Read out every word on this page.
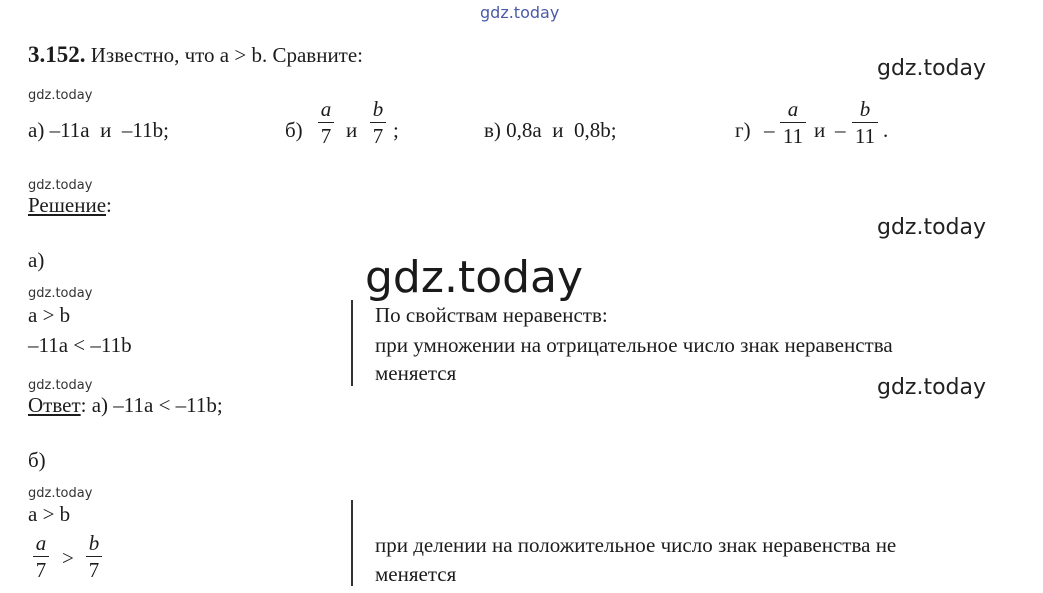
gdz.today
3.152. Известно, что a > b. Сравните:
gdz.today
gdz.today
а) –11a  и  –11b;	б)
a
7 и
b
7 ;	в) 0,8a  и  0,8b;	г) –
a
11 и –
b
11 .
gdz.today
Решение:
gdz.today
а)	gdz.today
gdz.today
a > b
–11a < –11b
По свойствам неравенств:
при умножении на отрицательное число знак неравенства
меняется
gdz.today	gdz.today
Ответ: а) –11a < –11b;
б)
gdz.today
a > b
a
7 >
b
7
при делении на положительное число знак неравенства не
меняется
